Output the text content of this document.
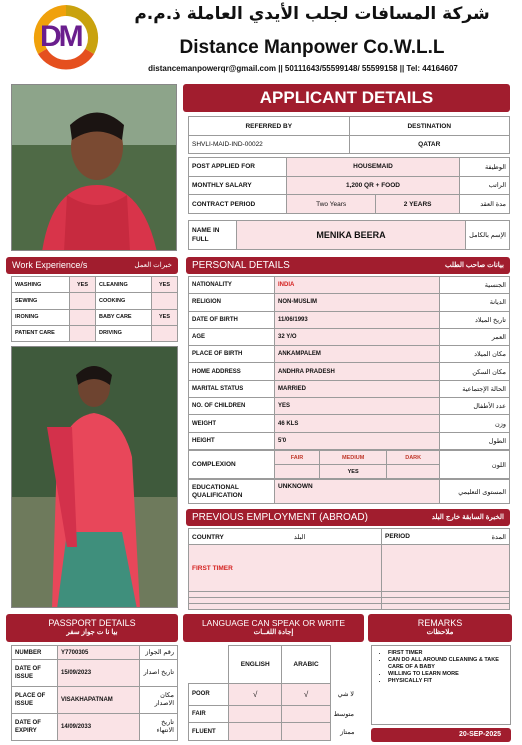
DM
شركة المسافات لجلب الأيدي العاملة ذ.م.م
Distance Manpower Co.W.L.L
distancemanpowerqr@gmail.com || 50111643/55599148/ 55599158 || Tel: 44164607
APPLICANT DETAILS
REFERRED BY	DESTINATION
SHVLI-MAID-IND-00022	QATAR
POST APPLIED FOR	HOUSEMAID		الوظيفة
MONTHLY SALARY	1,200 QR + FOOD		الراتب
CONTRACT PERIOD	Two Years	2 YEARS	مدة العقد
NAME IN FULL	MENIKA BEERA	الإسم بالكامل
Work Experience/s	خبرات العمل
WASHING	YES	CLEANING	YES
SEWING		COOKING	
IRONING		BABY CARE	YES
PATIENT CARE		DRIVING	
PERSONAL DETAILS	بيانات صاحب الطلب
NATIONALITY	INDIA	الجنسية
RELIGION	NON-MUSLIM	الديانة
DATE OF BIRTH	11/06/1993	تاريخ الميلاد
AGE	32 Y/O	العمر
PLACE OF BIRTH	ANKAMPALEM	مكان الميلاد
HOME ADDRESS	ANDHRA PRADESH	مكان السكن
MARITAL STATUS	MARRIED	الحالة الإجتماعية
NO. OF CHILDREN	YES	عدد الأطفال
WEIGHT	46 KLS	وزن
HEIGHT	5'0	الطول
COMPLEXION	FAIR	MEDIUM	DARK	اللون
		YES		
EDUCATIONAL QUALIFICATION	UNKNOWN	المستوى التعليمي
PREVIOUS EMPLOYMENT (ABROAD)	الخبرة السابقة خارج البلد
COUNTRY البلد	PERIOD المدة

FIRST TIMER	

PASSPORT DETAILS
بيا نا ت جواز سفر
NUMBER	Y7700305	رقم الجواز
DATE OF ISSUE	15/09/2023	تاريخ اصدار
PLACE OF ISSUE	VISAKHAPATNAM	مكان الاصدار
DATE OF EXPIRY	14/09/2033	تاريخ الانتهاء
LANGUAGE CAN SPEAK OR WRITE
إجادة اللغــات
	ENGLISH	ARABIC	
POOR	√	√	لا شي
FAIR			متوسط
FLUENT			ممتاز
REMARKS
ملاحظات
• FIRST TIMER
• CAN DO ALL AROUND CLEANING & TAKE CARE OF A BABY
• WILLING TO LEARN MORE
• PHYSICALLY FIT
20-SEP-2025
